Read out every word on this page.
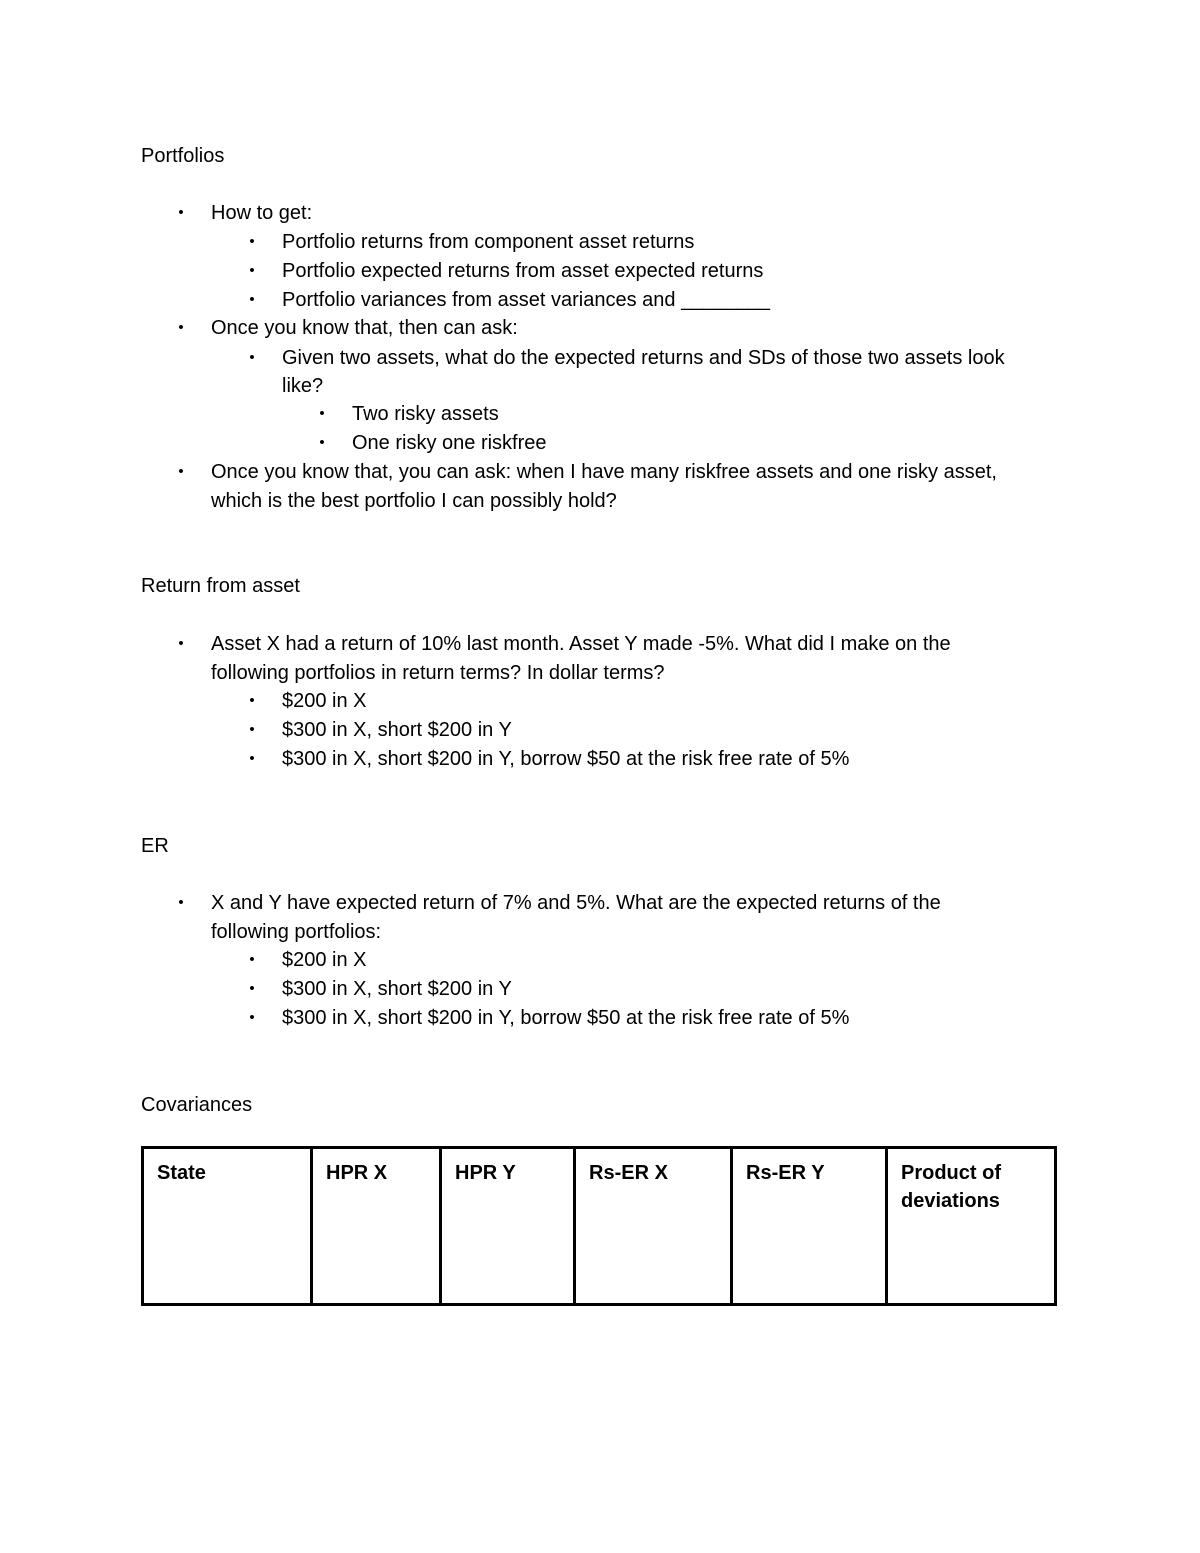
Portfolios
• How to get:
• Portfolio returns from component asset returns
• Portfolio expected returns from asset expected returns
• Portfolio variances from asset variances and ________
• Once you know that, then can ask:
• Given two assets, what do the expected returns and SDs of those two assets look
like?
• Two risky assets
• One risky one riskfree
• Once you know that, you can ask: when I have many riskfree assets and one risky asset,
which is the best portfolio I can possibly hold?
Return from asset
• Asset X had a return of 10% last month. Asset Y made -5%. What did I make on the
following portfolios in return terms? In dollar terms?
• $200 in X
• $300 in X, short $200 in Y
• $300 in X, short $200 in Y, borrow $50 at the risk free rate of 5%
ER
• X and Y have expected return of 7% and 5%. What are the expected returns of the
following portfolios:
• $200 in X
• $300 in X, short $200 in Y
• $300 in X, short $200 in Y, borrow $50 at the risk free rate of 5%
Covariances
State	HPR X	HPR Y	Rs-ER X	Rs-ER Y	Product of deviations
